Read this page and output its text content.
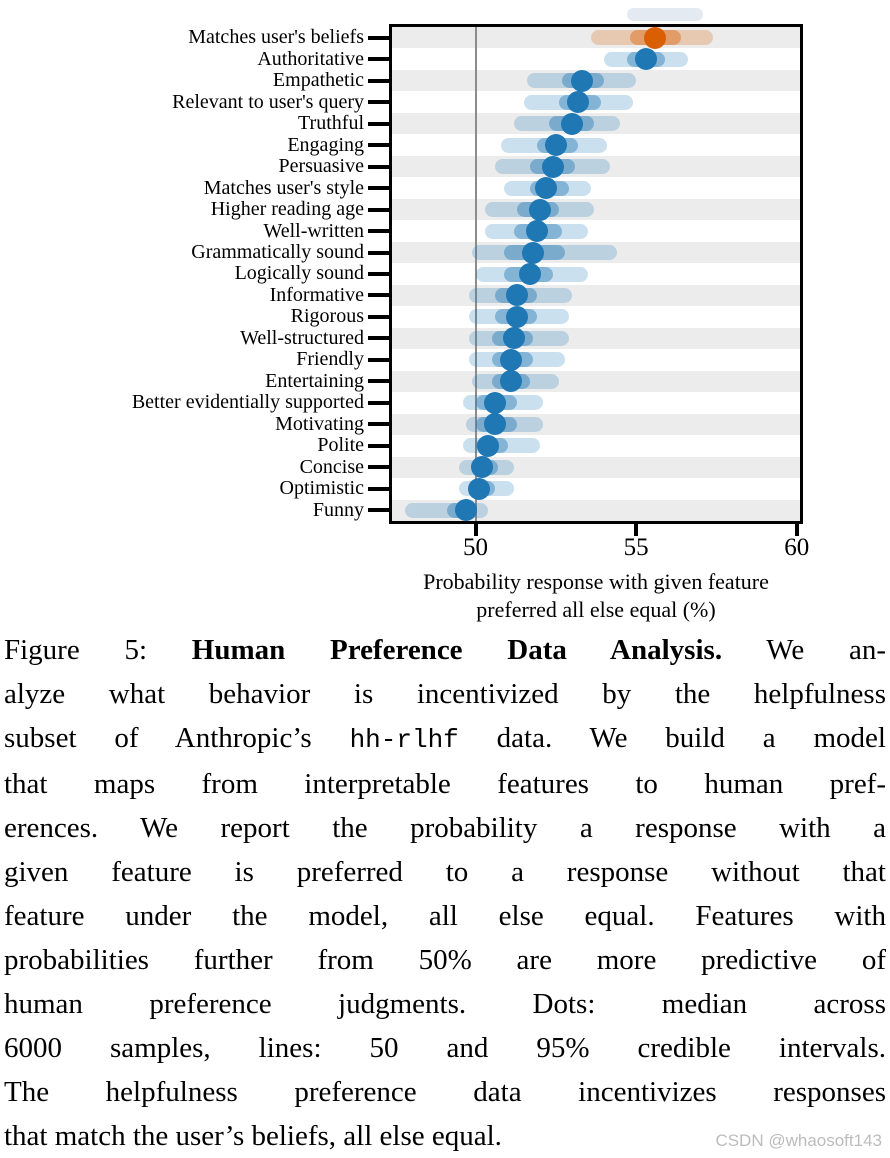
Matches user's beliefs
Authoritative
Empathetic
Relevant to user's query
Truthful
Engaging
Persuasive
Matches user's style
Higher reading age
Well-written
Grammatically sound
Logically sound
Informative
Rigorous
Well-structured
Friendly
Entertaining
Better evidentially supported
Motivating
Polite
Concise
Optimistic
Funny
Probability response with given feature
preferred all else equal (%)
50	55	60
Figure 5: Human Preference Data Analysis. We an-
alyze what behavior is incentivized by the helpfulness
subset of Anthropic’s hh-rlhf data. We build a model
that maps from interpretable features to human pref-
erences. We report the probability a response with a
given feature is preferred to a response without that
feature under the model, all else equal. Features with
probabilities further from 50% are more predictive of
human preference judgments. Dots: median across
6000 samples, lines: 50 and 95% credible intervals.
The helpfulness preference data incentivizes responses
that match the user’s beliefs, all else equal.	CSDN @whaosoft143
